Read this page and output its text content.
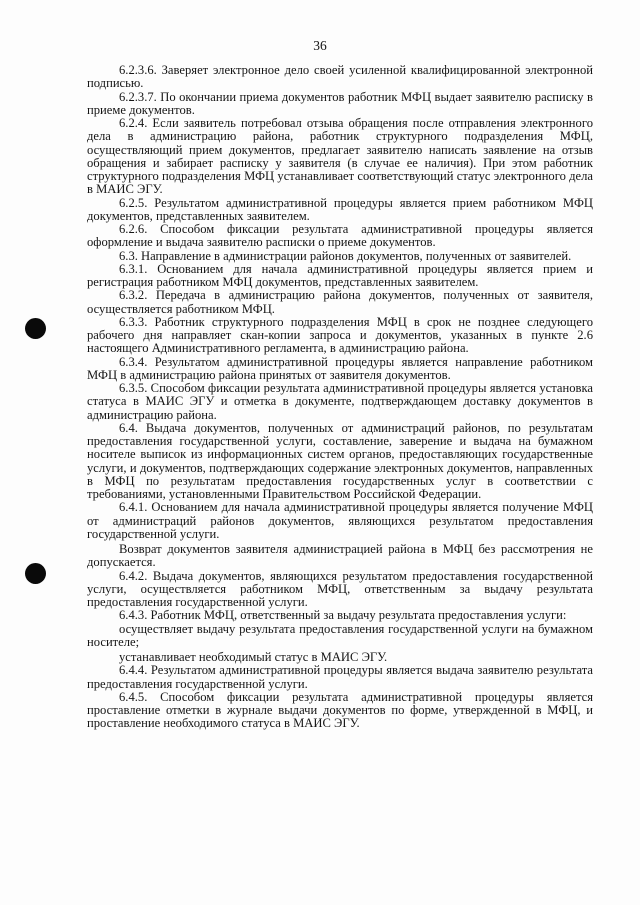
36

6.2.3.6. Заверяет электронное дело своей усиленной квалифицированной электронной подписью.

6.2.3.7. По окончании приема документов работник МФЦ выдает заявителю расписку в приеме документов.

6.2.4. Если заявитель потребовал отзыва обращения после отправления электронного дела в администрацию района, работник структурного подразделения МФЦ, осуществляющий прием документов, предлагает заявителю написать заявление на отзыв обращения и забирает расписку у заявителя (в случае ее наличия). При этом работник структурного подразделения МФЦ устанавливает соответствующий статус электронного дела в МАИС ЭГУ.

6.2.5. Результатом административной процедуры является прием работником МФЦ документов, представленных заявителем.

6.2.6. Способом фиксации результата административной процедуры является оформление и выдача заявителю расписки о приеме документов.

6.3. Направление в администрации районов документов, полученных от заявителей.

6.3.1. Основанием для начала административной процедуры является прием и регистрация работником МФЦ документов, представленных заявителем.

6.3.2. Передача в администрацию района документов, полученных от заявителя, осуществляется работником МФЦ.

6.3.3. Работник структурного подразделения МФЦ в срок не позднее следующего рабочего дня направляет скан-копии запроса и документов, указанных в пункте 2.6 настоящего Административного регламента, в администрацию района.

6.3.4. Результатом административной процедуры является направление работником МФЦ в администрацию района принятых от заявителя документов.

6.3.5. Способом фиксации результата административной процедуры является установка статуса в МАИС ЭГУ и отметка в документе, подтверждающем доставку документов в администрацию района.

6.4. Выдача документов, полученных от администраций районов, по результатам предоставления государственной услуги, составление, заверение и выдача на бумажном носителе выписок из информационных систем органов, предоставляющих государственные услуги, и документов, подтверждающих содержание электронных документов, направленных в МФЦ по результатам предоставления государственных услуг в соответствии с требованиями, установленными Правительством Российской Федерации.

6.4.1. Основанием для начала административной процедуры является получение МФЦ от администраций районов документов, являющихся результатом предоставления государственной услуги.

Возврат документов заявителя администрацией района в МФЦ без рассмотрения не допускается.

6.4.2. Выдача документов, являющихся результатом предоставления государственной услуги, осуществляется работником МФЦ, ответственным за выдачу результата предоставления государственной услуги.

6.4.3. Работник МФЦ, ответственный за выдачу результата предоставления услуги:

осуществляет выдачу результата предоставления государственной услуги на бумажном носителе;

устанавливает необходимый статус в МАИС ЭГУ.

6.4.4. Результатом административной процедуры является выдача заявителю результата предоставления государственной услуги.

6.4.5. Способом фиксации результата административной процедуры является проставление отметки в журнале выдачи документов по форме, утвержденной в МФЦ, и проставление необходимого статуса в МАИС ЭГУ.
